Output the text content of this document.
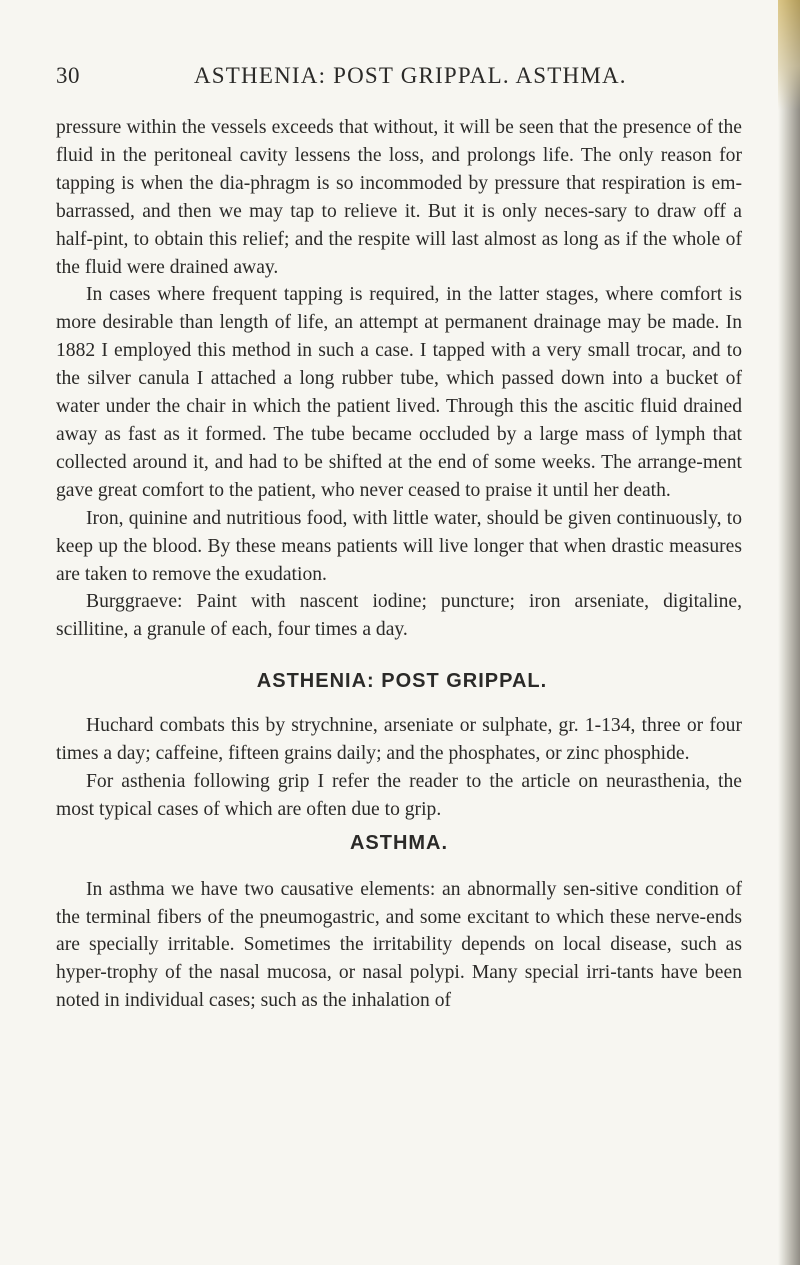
30	ASTHENIA: POST GRIPPAL. ASTHMA.

pressure within the vessels exceeds that without, it will be seen that the presence of the fluid in the peritoneal cavity lessens the loss, and prolongs life. The only reason for tapping is when the dia-phragm is so incommoded by pressure that respiration is em-barrassed, and then we may tap to relieve it. But it is only neces-sary to draw off a half-pint, to obtain this relief; and the respite will last almost as long as if the whole of the fluid were drained away.

In cases where frequent tapping is required, in the latter stages, where comfort is more desirable than length of life, an attempt at permanent drainage may be made. In 1882 I employed this method in such a case. I tapped with a very small trocar, and to the silver canula I attached a long rubber tube, which passed down into a bucket of water under the chair in which the patient lived. Through this the ascitic fluid drained away as fast as it formed. The tube became occluded by a large mass of lymph that collected around it, and had to be shifted at the end of some weeks. The arrange-ment gave great comfort to the patient, who never ceased to praise it until her death.

Iron, quinine and nutritious food, with little water, should be given continuously, to keep up the blood. By these means patients will live longer that when drastic measures are taken to remove the exudation.

Burggraeve: Paint with nascent iodine; puncture; iron arseniate, digitaline, scillitine, a granule of each, four times a day.

ASTHENIA: POST GRIPPAL.

Huchard combats this by strychnine, arseniate or sulphate, gr. 1-134, three or four times a day; caffeine, fifteen grains daily; and the phosphates, or zinc phosphide.

For asthenia following grip I refer the reader to the article on neurasthenia, the most typical cases of which are often due to grip.

ASTHMA.

In asthma we have two causative elements: an abnormally sen-sitive condition of the terminal fibers of the pneumogastric, and some excitant to which these nerve-ends are specially irritable. Sometimes the irritability depends on local disease, such as hyper-trophy of the nasal mucosa, or nasal polypi. Many special irri-tants have been noted in individual cases; such as the inhalation of
